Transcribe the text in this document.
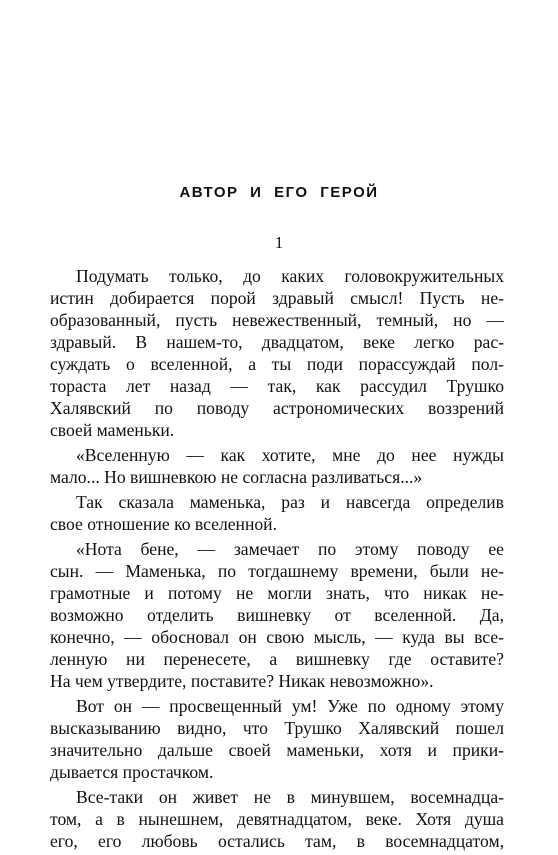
АВТОР И ЕГО ГЕРОЙ
1
Подумать только, до каких головокружительных
истин добирается порой здравый смысл! Пусть не-
образованный, пусть невежественный, темный, но —
здравый. В нашем-то, двадцатом, веке легко рас-
суждать о вселенной, а ты поди порассуждай пол-
тораста лет назад — так, как рассудил Трушко
Халявский по поводу астрономических воззрений
своей маменьки.
«Вселенную — как хотите, мне до нее нужды
мало... Но вишневкою не согласна разливаться...»
Так сказала маменька, раз и навсегда определив
свое отношение ко вселенной.
«Нота бене, — замечает по этому поводу ее
сын. — Маменька, по тогдашнему времени, были не-
грамотные и потому не могли знать, что никак не-
возможно отделить вишневку от вселенной. Да,
конечно, — обосновал он свою мысль, — куда вы все-
ленную ни перенесете, а вишневку где оставите?
На чем утвердите, поставите? Никак невозможно».
Вот он — просвещенный ум! Уже по одному этому
высказыванию видно, что Трушко Халявский пошел
значительно дальше своей маменьки, хотя и прики-
дывается простачком.
Все-таки он живет не в минувшем, восемнадца-
том, а в нынешнем, девятнадцатом, веке. Хотя душа
его, его любовь остались там, в восемнадцатом,
